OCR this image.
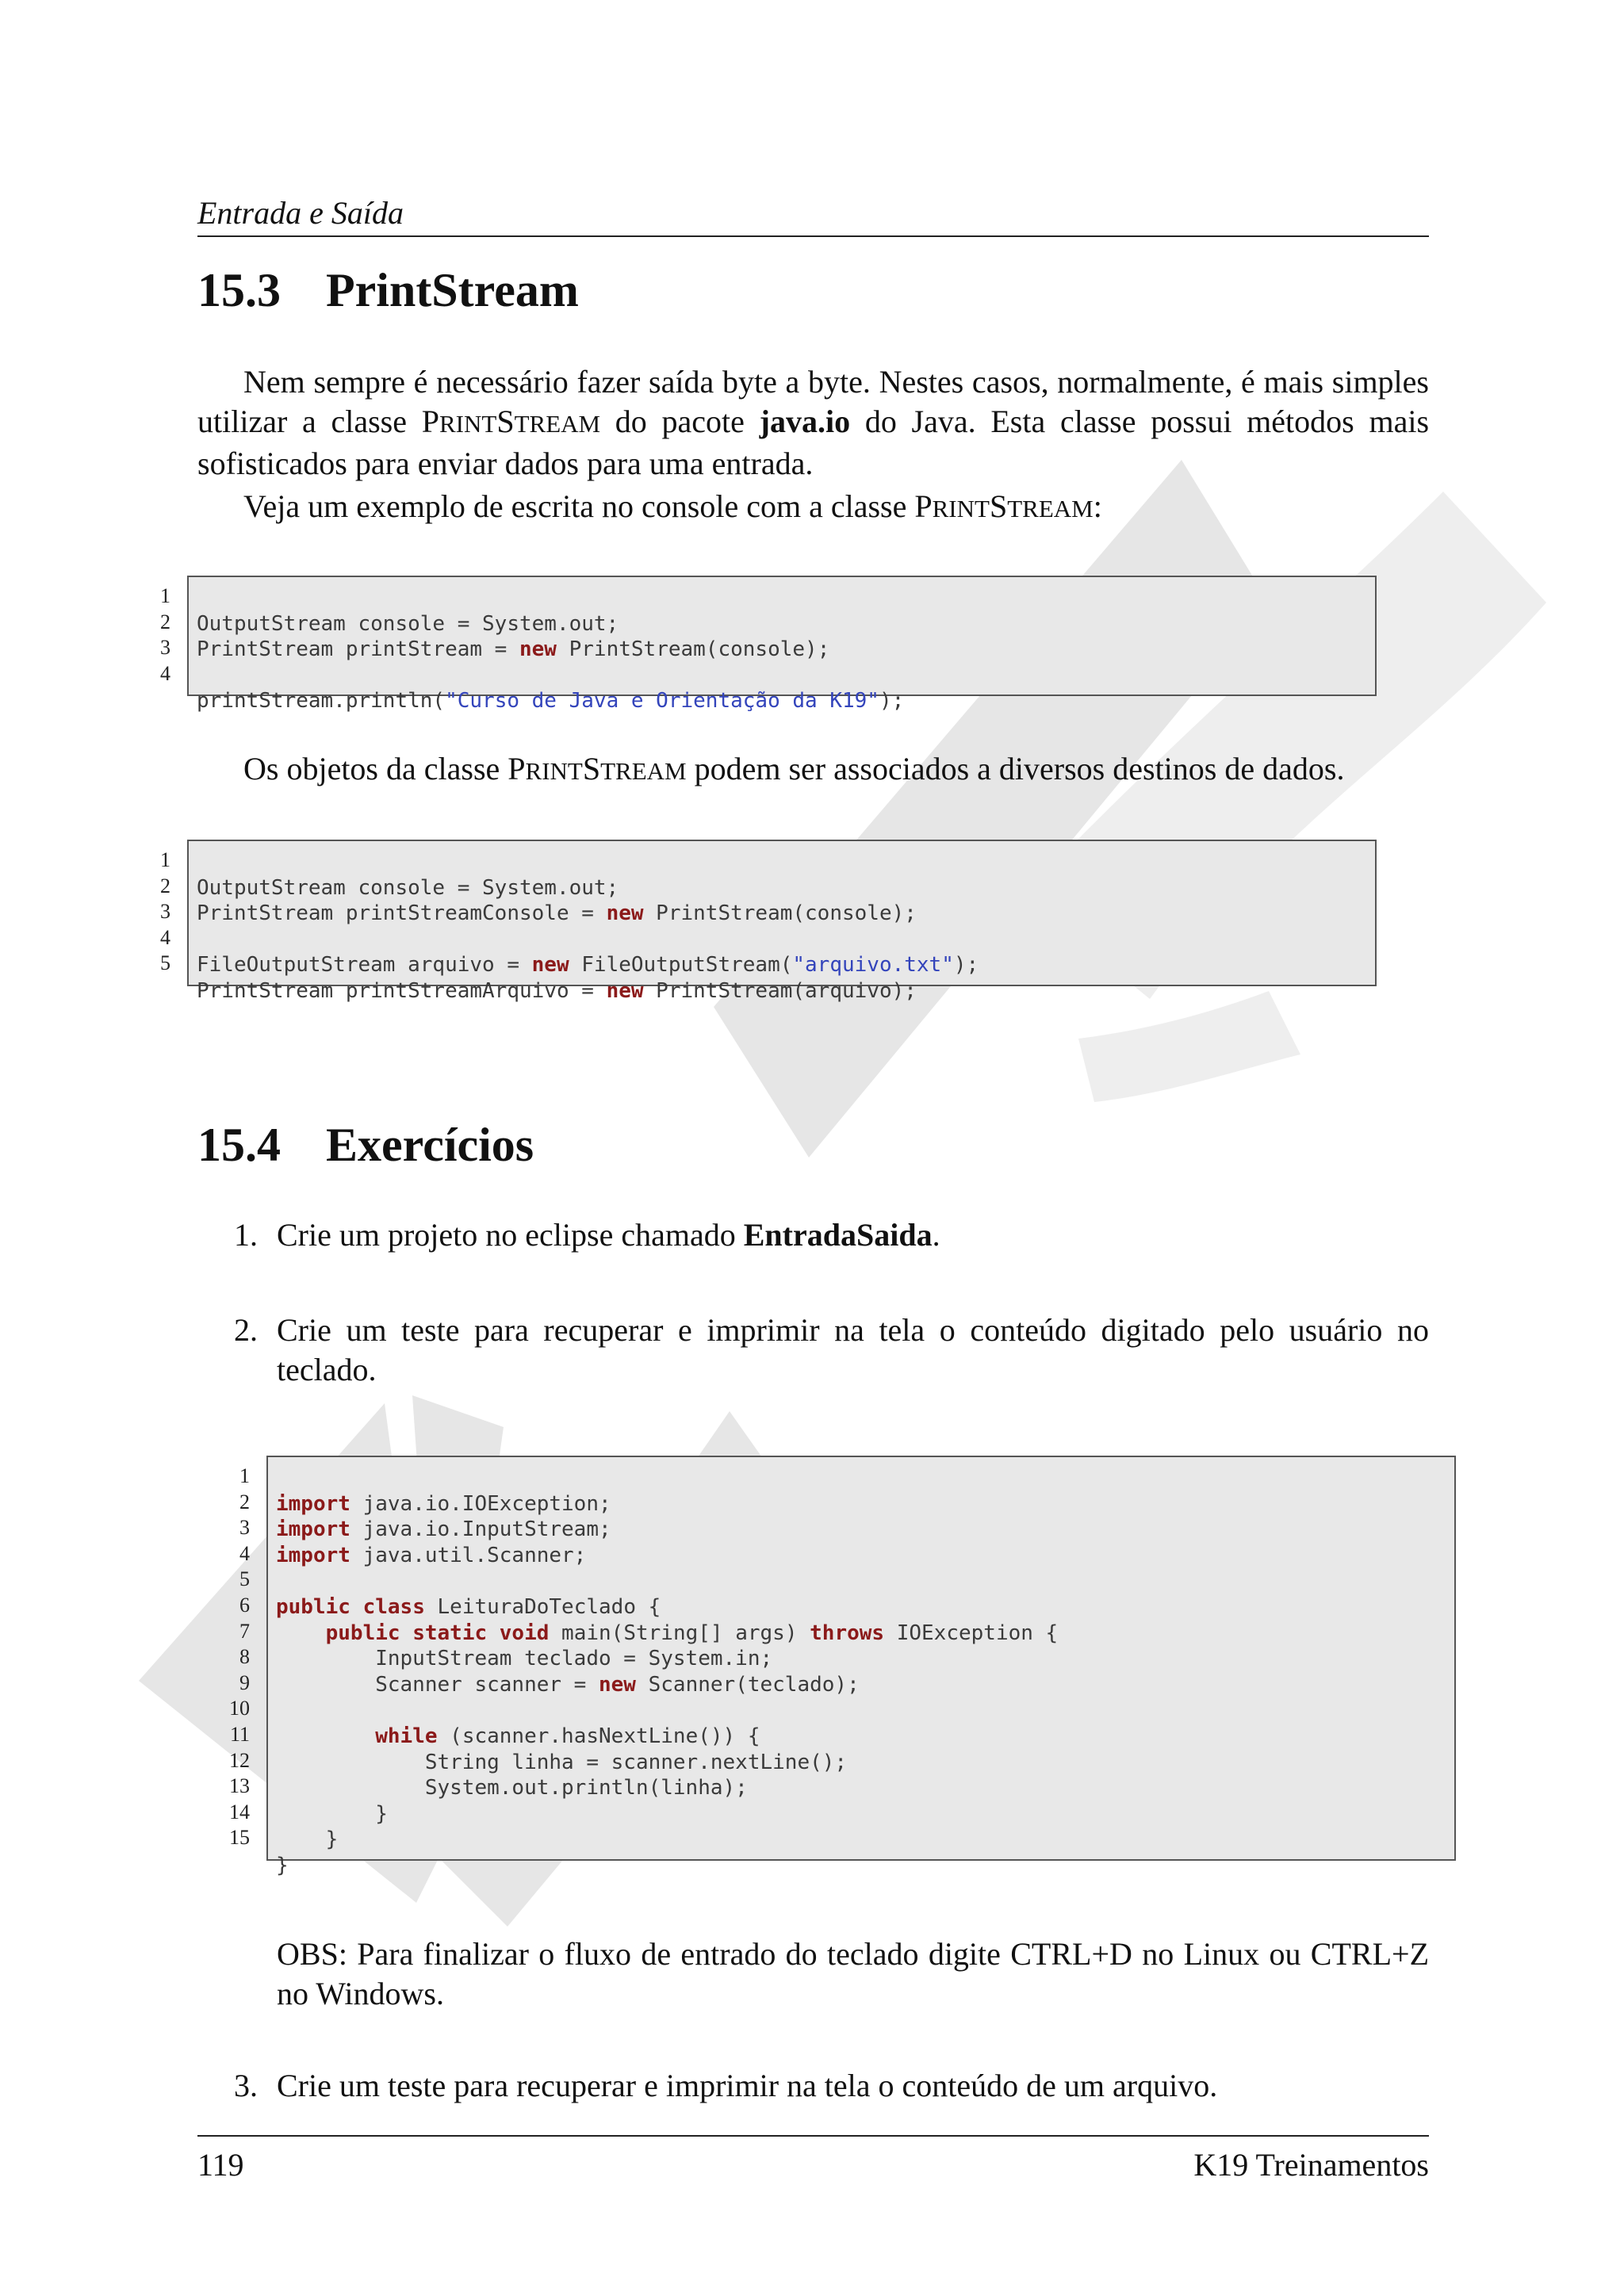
Entrada e Saída
15.3 PrintStream
Nem sempre é necessário fazer saída byte a byte. Nestes casos, normalmente, é mais simples utilizar a classe PRINTSTREAM do pacote java.io do Java. Esta classe possui métodos mais sofisticados para enviar dados para uma entrada.
Veja um exemplo de escrita no console com a classe PRINTSTREAM:
1
2
3
4

OutputStream console = System.out;
PrintStream printStream = new PrintStream(console);
printStream.println("Curso de Java e Orientação da K19");
Os objetos da classe PRINTSTREAM podem ser associados a diversos destinos de dados.
1
2
3
4
5

OutputStream console = System.out;
PrintStream printStreamConsole = new PrintStream(console);
FileOutputStream arquivo = new FileOutputStream("arquivo.txt");
PrintStream printStreamArquivo = new PrintStream(arquivo);
15.4 Exercícios
1. Crie um projeto no eclipse chamado EntradaSaida.
2. Crie um teste para recuperar e imprimir na tela o conteúdo digitado pelo usuário no teclado.
1
2
3
4
5
6
7
8
9
10
11
12
13
14
15

import java.io.IOException;
import java.io.InputStream;
import java.util.Scanner;
public class LeituraDoTeclado {
public static void main(String[] args) throws IOException {
InputStream teclado = System.in;
Scanner scanner = new Scanner(teclado);
while (scanner.hasNextLine()) {
String linha = scanner.nextLine();
System.out.println(linha);
}
}
}
OBS: Para finalizar o fluxo de entrado do teclado digite CTRL+D no Linux ou CTRL+Z no Windows.
3. Crie um teste para recuperar e imprimir na tela o conteúdo de um arquivo.
119	K19 Treinamentos
